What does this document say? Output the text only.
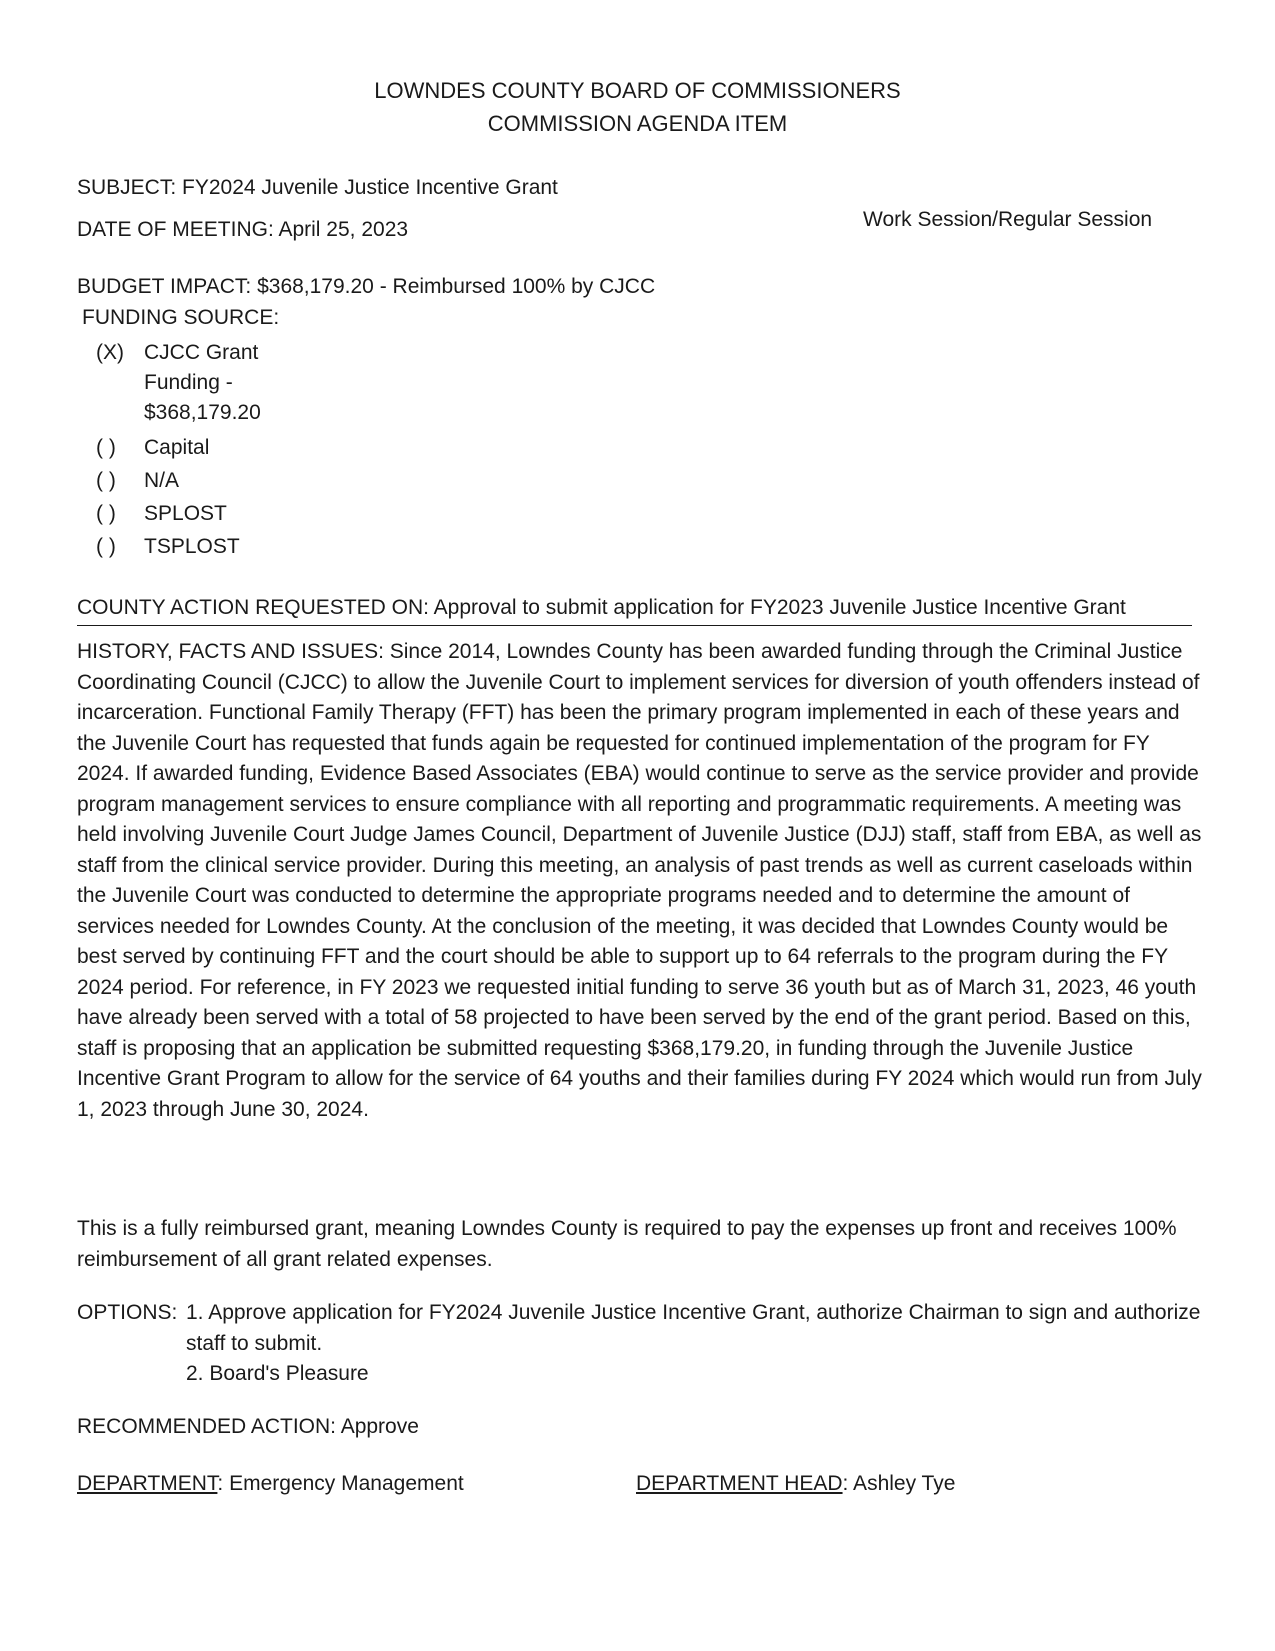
LOWNDES COUNTY BOARD OF COMMISSIONERS
COMMISSION AGENDA ITEM
SUBJECT: FY2024 Juvenile Justice Incentive Grant
DATE OF MEETING: April 25, 2023	Work Session/Regular Session
BUDGET IMPACT: $368,179.20 - Reimbursed 100% by CJCC
FUNDING SOURCE:
(X) CJCC Grant
Funding -
$368,179.20
( )	Capital
( )	N/A
( )	SPLOST
( )	TSPLOST
COUNTY ACTION REQUESTED ON: Approval to submit application for FY2023 Juvenile Justice Incentive Grant
HISTORY, FACTS AND ISSUES: Since 2014, Lowndes County has been awarded funding through the Criminal Justice Coordinating Council (CJCC) to allow the Juvenile Court to implement services for diversion of youth offenders instead of incarceration. Functional Family Therapy (FFT) has been the primary program implemented in each of these years and the Juvenile Court has requested that funds again be requested for continued implementation of the program for FY 2024. If awarded funding, Evidence Based Associates (EBA) would continue to serve as the service provider and provide program management services to ensure compliance with all reporting and programmatic requirements. A meeting was held involving Juvenile Court Judge James Council, Department of Juvenile Justice (DJJ) staff, staff from EBA, as well as staff from the clinical service provider. During this meeting, an analysis of past trends as well as current caseloads within the Juvenile Court was conducted to determine the appropriate programs needed and to determine the amount of services needed for Lowndes County. At the conclusion of the meeting, it was decided that Lowndes County would be best served by continuing FFT and the court should be able to support up to 64 referrals to the program during the FY 2024 period. For reference, in FY 2023 we requested initial funding to serve 36 youth but as of March 31, 2023, 46 youth have already been served with a total of 58 projected to have been served by the end of the grant period. Based on this, staff is proposing that an application be submitted requesting $368,179.20, in funding through the Juvenile Justice Incentive Grant Program to allow for the service of 64 youths and their families during FY 2024 which would run from July 1, 2023 through June 30, 2024.
This is a fully reimbursed grant, meaning Lowndes County is required to pay the expenses up front and receives 100% reimbursement of all grant related expenses.
OPTIONS: 1. Approve application for FY2024 Juvenile Justice Incentive Grant, authorize Chairman to sign and authorize staff to submit.
2. Board's Pleasure
RECOMMENDED ACTION: Approve
DEPARTMENT: Emergency Management	DEPARTMENT HEAD: Ashley Tye
